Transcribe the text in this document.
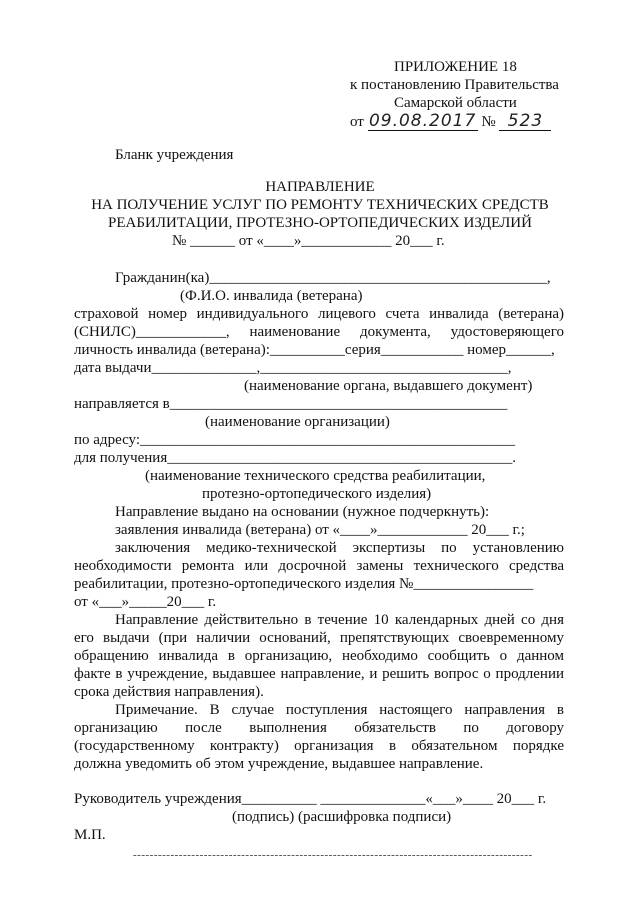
ПРИЛОЖЕНИЕ 18
к постановлению Правительства
Самарской области
от 09.08.2017 № 523
Бланк учреждения
НАПРАВЛЕНИЕ
НА ПОЛУЧЕНИЕ УСЛУГ ПО РЕМОНТУ ТЕХНИЧЕСКИХ СРЕДСТВ
РЕАБИЛИТАЦИИ, ПРОТЕЗНО-ОРТОПЕДИЧЕСКИХ ИЗДЕЛИЙ
№ ______ от «____»____________ 20___ г.
Гражданин(ка)_____________________________________________,
(Ф.И.О. инвалида (ветерана)
страховой номер индивидуального лицевого счета инвалида (ветерана)
(СНИЛС)____________, наименование документа, удостоверяющего
личность инвалида (ветерана):__________серия___________ номер______,
дата выдачи______________,_________________________________,
(наименование органа, выдавшего документ)
направляется в_____________________________________________
(наименование организации)
по адресу:__________________________________________________
для получения______________________________________________.
(наименование технического средства реабилитации,
протезно-ортопедического изделия)
Направление выдано на основании (нужное подчеркнуть):
заявления инвалида (ветерана) от «____»____________ 20___ г.;
заключения медико-технической экспертизы по установлению
необходимости ремонта или досрочной замены технического средства
реабилитации, протезно-ортопедического изделия №________________
от «___»_____20___ г.
Направление действительно в течение 10 календарных дней со дня
его выдачи (при наличии оснований, препятствующих своевременному
обращению инвалида в организацию, необходимо сообщить о данном
факте в учреждение, выдавшее направление, и решить вопрос о продлении
срока действия направления).
Примечание. В случае поступления настоящего направления в
организацию после выполнения обязательств по договору
(государственному контракту) организация в обязательном порядке
должна уведомить об этом учреждение, выдавшее направление.
Руководитель учреждения__________ ______________«___»____ 20___ г.
(подпись) (расшифровка подписи)
М.П.
------------------------------------------------------------------------------------------------
